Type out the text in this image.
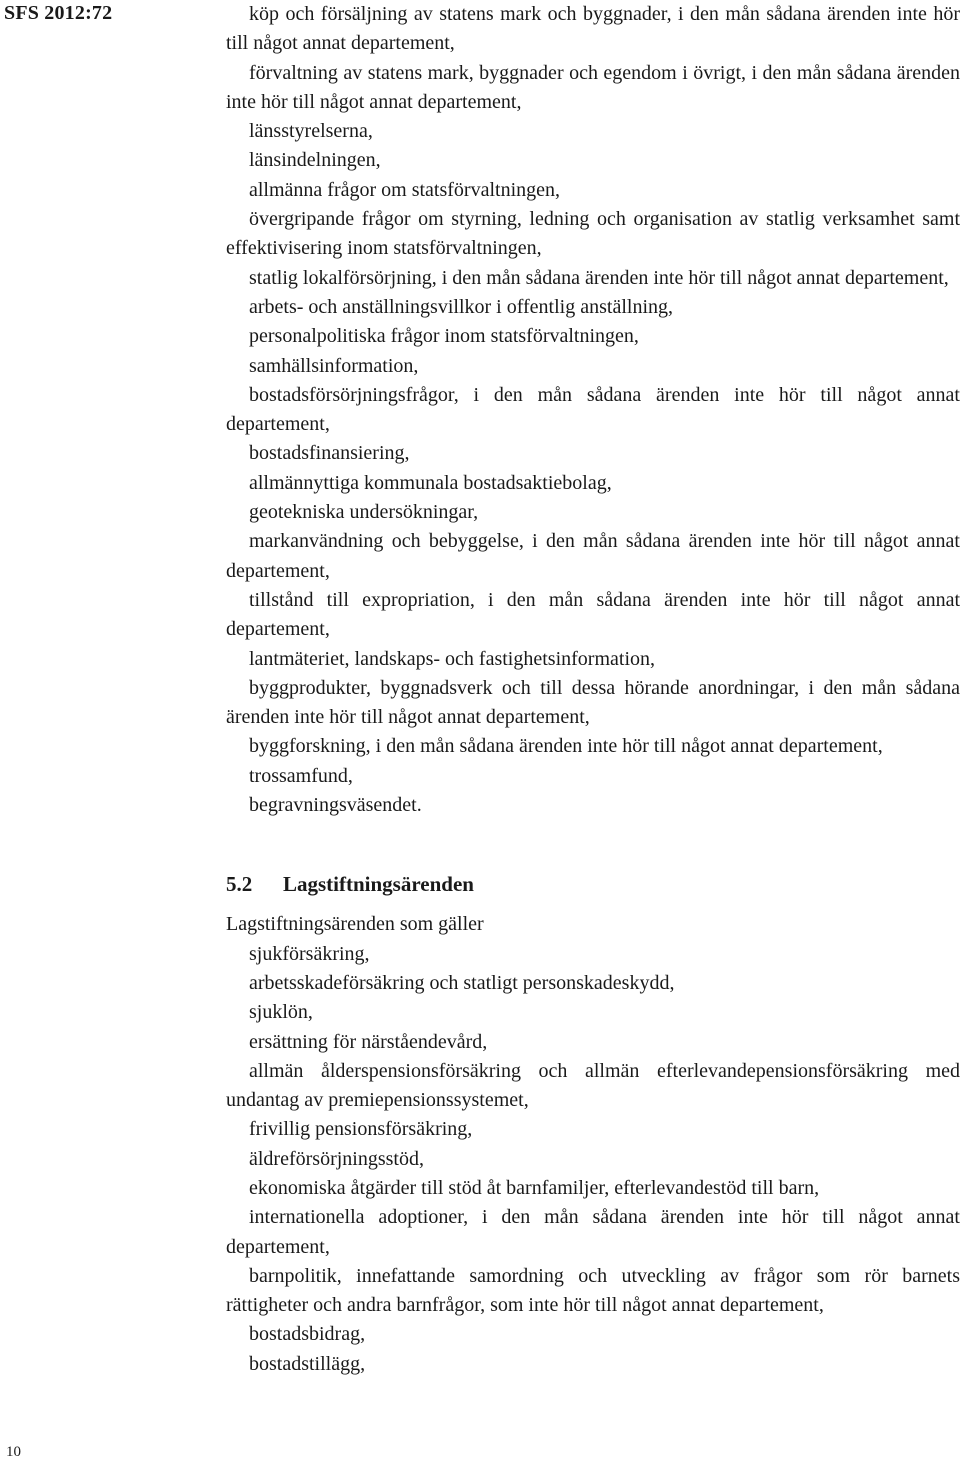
SFS 2012:72	köp och försäljning av statens mark och byggnader, i den mån sådana ärenden inte hör till något annat departement,

förvaltning av statens mark, byggnader och egendom i övrigt, i den mån sådana ärenden inte hör till något annat departement,

länsstyrelserna,

länsindelningen,

allmänna frågor om statsförvaltningen,

övergripande frågor om styrning, ledning och organisation av statlig verksamhet samt effektivisering inom statsförvaltningen,

statlig lokalförsörjning, i den mån sådana ärenden inte hör till något annat departement,

arbets- och anställningsvillkor i offentlig anställning,

personalpolitiska frågor inom statsförvaltningen,

samhällsinformation,

bostadsförsörjningsfrågor, i den mån sådana ärenden inte hör till något annat departement,

bostadsfinansiering,

allmännyttiga kommunala bostadsaktiebolag,

geotekniska undersökningar,

markanvändning och bebyggelse, i den mån sådana ärenden inte hör till något annat departement,

tillstånd till expropriation, i den mån sådana ärenden inte hör till något annat departement,

lantmäteriet, landskaps- och fastighetsinformation,

byggprodukter, byggnadsverk och till dessa hörande anordningar, i den mån sådana ärenden inte hör till något annat departement,

byggforskning, i den mån sådana ärenden inte hör till något annat departement,

trossamfund,

begravningsväsendet.

5.2 Lagstiftningsärenden

Lagstiftningsärenden som gäller

sjukförsäkring,

arbetsskadeförsäkring och statligt personskadeskydd,

sjuklön,

ersättning för närståendevård,

allmän ålderspensionsförsäkring och allmän efterlevandepensionsförsäkring med undantag av premiepensionssystemet,

frivillig pensionsförsäkring,

äldreförsörjningsstöd,

ekonomiska åtgärder till stöd åt barnfamiljer, efterlevandestöd till barn,

internationella adoptioner, i den mån sådana ärenden inte hör till något annat departement,

barnpolitik, innefattande samordning och utveckling av frågor som rör barnets rättigheter och andra barnfrågor, som inte hör till något annat departement,

bostadsbidrag,

bostadstillägg,

10
